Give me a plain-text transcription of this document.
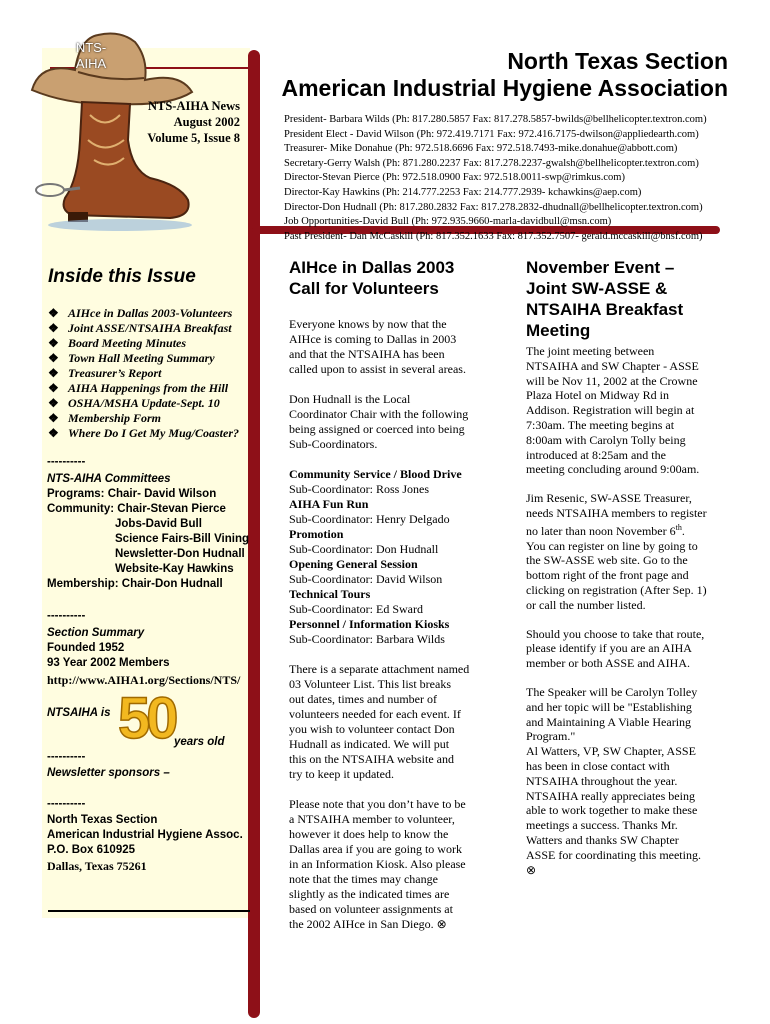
NTS-
AIHA
NTS-AIHA News
August 2002
Volume 5, Issue 8
North Texas Section
American Industrial Hygiene Association
President- Barbara Wilds (Ph: 817.280.5857 Fax: 817.278.5857-bwilds@bellhelicopter.textron.com)
President Elect - David Wilson (Ph: 972.419.7171 Fax: 972.416.7175-dwilson@appliedearth.com)
Treasurer- Mike Donahue (Ph: 972.518.6696 Fax: 972.518.7493-mike.donahue@abbott.com)
Secretary-Gerry Walsh (Ph: 871.280.2237 Fax: 817.278.2237-gwalsh@bellhelicopter.textron.com)
Director-Stevan Pierce (Ph: 972.518.0900 Fax: 972.518.0011-swp@rimkus.com)
Director-Kay Hawkins (Ph: 214.777.2253 Fax: 214.777.2939- kchawkins@aep.com)
Director-Don Hudnall (Ph: 817.280.2832 Fax: 817.278.2832-dhudnall@bellhelicopter.textron.com)
Job Opportunities-David Bull (Ph: 972.935.9660-marla-davidbull@msn.com)
Past President- Dan McCaskill (Ph: 817.352.1633 Fax: 817.352.7507- gerald.mccaskill@bnsf.com)
Inside this Issue
❖ AIHce in Dallas 2003-Volunteers
❖ Joint ASSE/NTSAIHA Breakfast
❖ Board Meeting Minutes
❖ Town Hall Meeting Summary
❖ Treasurer’s Report
❖ AIHA Happenings from the Hill
❖ OSHA/MSHA Update-Sept. 10
❖ Membership Form
❖ Where Do I Get My Mug/Coaster?
----------
NTS-AIHA Committees
Programs: Chair- David Wilson
Community: Chair-Stevan Pierce
Jobs-David Bull
Science Fairs-Bill Vining
Newsletter-Don Hudnall
Website-Kay Hawkins
Membership: Chair-Don Hudnall
----------
Section Summary
Founded 1952
93 Year 2002 Members
http://www.AIHA1.org/Sections/NTS/
NTSAIHA is 50 years old
----------
Newsletter sponsors –
----------
North Texas Section
American Industrial Hygiene Assoc.
P.O. Box 610925
Dallas, Texas 75261
AIHce in Dallas 2003
Call for Volunteers
Everyone knows by now that the
AIHce is coming to Dallas in 2003
and that the NTSAIHA has been
called upon to assist in several areas.
Don Hudnall is the Local
Coordinator Chair with the following
being assigned or coerced into being
Sub-Coordinators.
Community Service / Blood Drive
Sub-Coordinator: Ross Jones
AIHA Fun Run
Sub-Coordinator: Henry Delgado
Promotion
Sub-Coordinator: Don Hudnall
Opening General Session
Sub-Coordinator: David Wilson
Technical Tours
Sub-Coordinator: Ed Sward
Personnel / Information Kiosks
Sub-Coordinator: Barbara Wilds
There is a separate attachment named
03 Volunteer List. This list breaks
out dates, times and number of
volunteers needed for each event. If
you wish to volunteer contact Don
Hudnall as indicated. We will put
this on the NTSAIHA website and
try to keep it updated.
Please note that you don’t have to be
a NTSAIHA member to volunteer,
however it does help to know the
Dallas area if you are going to work
in an Information Kiosk. Also please
note that the times may change
slightly as the indicated times are
based on volunteer assignments at
the 2002 AIHce in San Diego. ⊗
November Event –
Joint SW-ASSE &
NTSAIHA Breakfast
Meeting
The joint meeting between
NTSAIHA and SW Chapter - ASSE
will be Nov 11, 2002 at the Crowne
Plaza Hotel on Midway Rd in
Addison. Registration will begin at
7:30am. The meeting begins at
8:00am with Carolyn Tolly being
introduced at 8:25am and the
meeting concluding around 9:00am.
Jim Resenic, SW-ASSE Treasurer,
needs NTSAIHA members to register
no later than noon November 6th.
You can register on line by going to
the SW-ASSE web site. Go to the
bottom right of the front page and
clicking on registration (After Sep. 1)
or call the number listed.
Should you choose to take that route,
please identify if you are an AIHA
member or both ASSE and AIHA.
The Speaker will be Carolyn Tolley
and her topic will be "Establishing
and Maintaining A Viable Hearing
Program."
Al Watters, VP, SW Chapter, ASSE
has been in close contact with
NTSAIHA throughout the year.
NTSAIHA really appreciates being
able to work together to make these
meetings a success. Thanks Mr.
Watters and thanks SW Chapter
ASSE for coordinating this meeting.
⊗
